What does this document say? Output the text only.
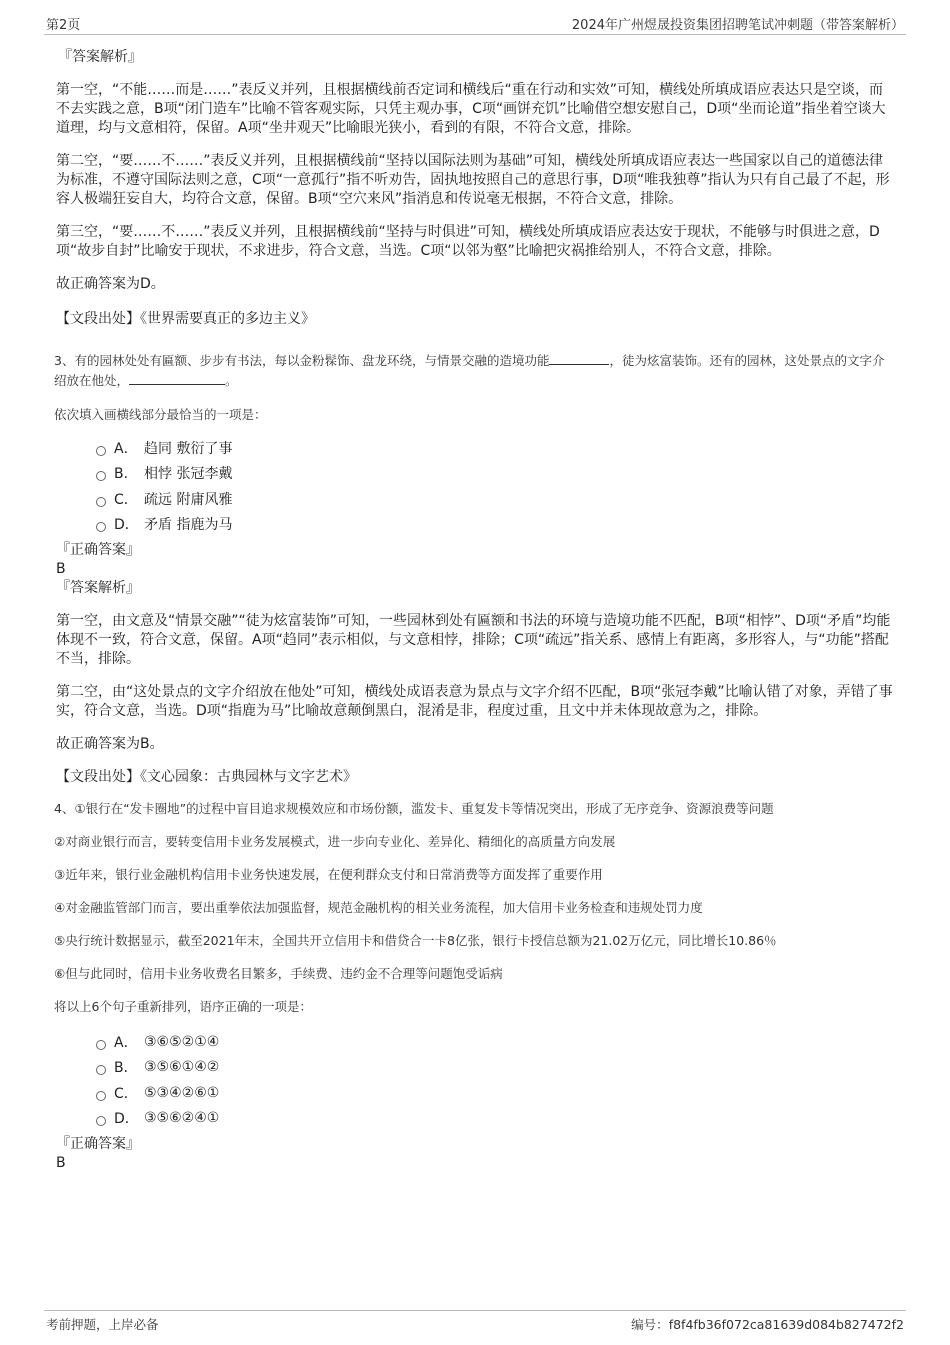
第2页	2024年广州煜晟投资集团招聘笔试冲刺题（带答案解析）
『答案解析』

第一空，“不能……而是……”表反义并列，且根据横线前否定词和横线后“重在行动和实效”可知，横线处所填成语应表达只是空谈，而不去实践之意，B项“闭门造车”比喻不管客观实际，只凭主观办事，C项“画饼充饥”比喻借空想安慰自己，D项“坐而论道”指坐着空谈大道理，均与文意相符，保留。A项“坐井观天”比喻眼光狭小，看到的有限，不符合文意，排除。

第二空，“要……不……”表反义并列，且根据横线前“坚持以国际法则为基础”可知，横线处所填成语应表达一些国家以自己的道德法律为标准，不遵守国际法则之意，C项“一意孤行”指不听劝告，固执地按照自己的意思行事，D项“唯我独尊”指认为只有自己最了不起，形容人极端狂妄自大，均符合文意，保留。B项“空穴来风”指消息和传说毫无根据，不符合文意，排除。

第三空，“要……不……”表反义并列，且根据横线前“坚持与时俱进”可知，横线处所填成语应表达安于现状，不能够与时俱进之意，D项“故步自封”比喻安于现状，不求进步，符合文意，当选。C项“以邻为壑”比喻把灾祸推给别人，不符合文意，排除。

故正确答案为D。

【文段出处】《世界需要真正的多边主义》

3、有的园林处处有匾额、步步有书法，每以金粉髹饰、盘龙环绕，与情景交融的造境功能	，徒为炫富装饰。还有的园林，这处景点的文字介绍放在他处，	。

依次填入画横线部分最恰当的一项是：

A． 趋同 敷衍了事
B． 相悖 张冠李戴
C． 疏远 附庸风雅
D． 矛盾 指鹿为马
『正确答案』
B
『答案解析』

第一空，由文意及“情景交融”“徒为炫富装饰”可知，一些园林到处有匾额和书法的环境与造境功能不匹配，B项“相悖”、D项“矛盾”均能体现不一致，符合文意，保留。A项“趋同”表示相似，与文意相悖，排除；C项“疏远”指关系、感情上有距离，多形容人，与“功能”搭配不当，排除。

第二空，由“这处景点的文字介绍放在他处”可知，横线处成语表意为景点与文字介绍不匹配，B项“张冠李戴”比喻认错了对象，弄错了事实，符合文意，当选。D项“指鹿为马”比喻故意颠倒黑白，混淆是非，程度过重，且文中并未体现故意为之，排除。

故正确答案为B。

【文段出处】《文心园象：古典园林与文字艺术》

4、①银行在“发卡圈地”的过程中盲目追求规模效应和市场份额，滥发卡、重复发卡等情况突出，形成了无序竞争、资源浪费等问题

②对商业银行而言，要转变信用卡业务发展模式，进一步向专业化、差异化、精细化的高质量方向发展

③近年来，银行业金融机构信用卡业务快速发展，在便利群众支付和日常消费等方面发挥了重要作用

④对金融监管部门而言，要出重拳依法加强监督，规范金融机构的相关业务流程，加大信用卡业务检查和违规处罚力度

⑤央行统计数据显示，截至2021年末，全国共开立信用卡和借贷合一卡8亿张，银行卡授信总额为21.02万亿元，同比增长10.86％

⑥但与此同时，信用卡业务收费名目繁多，手续费、违约金不合理等问题饱受诟病

将以上6个句子重新排列，语序正确的一项是：

A． ③⑥⑤②①④
B． ③⑤⑥①④②
C． ⑤③④②⑥①
D． ③⑤⑥②④①
『正确答案』
B
考前押题，上岸必备	编号：f8f4fb36f072ca81639d084b827472f2
